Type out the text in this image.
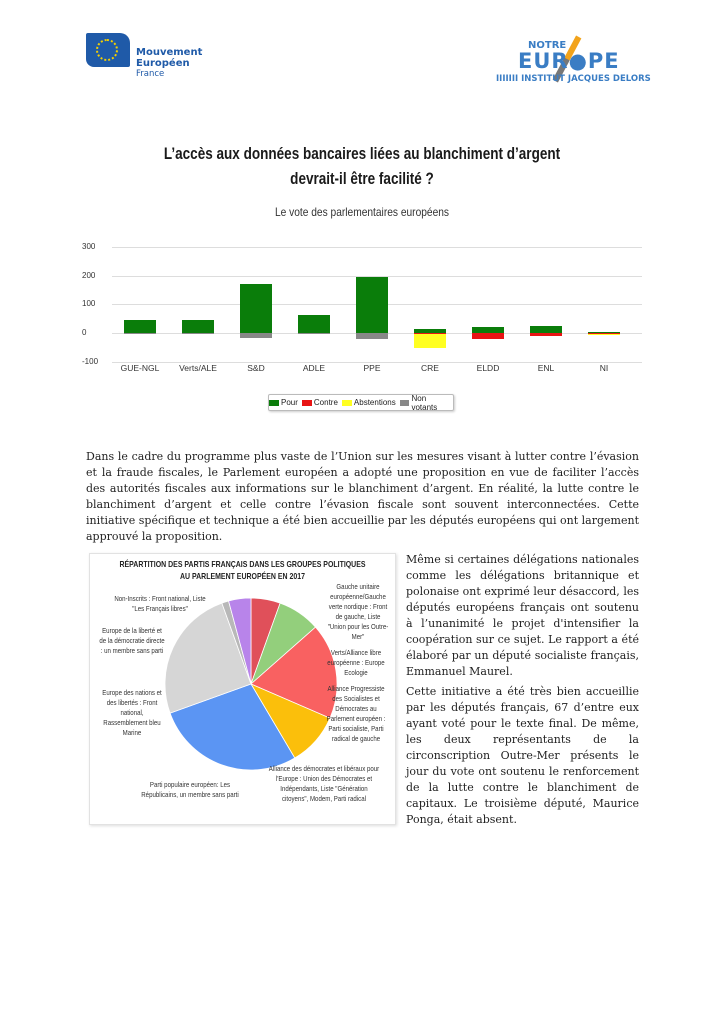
Mouvement
Européen
France
NOTRE
EUR●PE
IIIIIII INSTITUT JACQUES DELORS
L’accès aux données bancaires liées au blanchiment d’argent devrait-il être facilité ?
Le vote des parlementaires européens
300
200
100
0
-100
GUE-NGL	Verts/ALE	S&D	ADLE	PPE	CRE	ELDD	ENL	NI
Pour Contre Abstentions Non votants

Dans le cadre du programme plus vaste de l’Union sur les mesures visant à lutter contre l’évasion et la fraude fiscales, le Parlement européen a adopté une proposition en vue de faciliter l’accès des autorités fiscales aux informations sur le blanchiment d’argent. En réalité, la lutte contre le blanchiment d’argent et celle contre l’évasion fiscale sont souvent interconnectées. Cette initiative spécifique et technique a été bien accueillie par les députés européens qui ont largement approuvé la proposition.

RÉPARTITION DES PARTIS FRANÇAIS DANS LES GROUPES POLITIQUES AU PARLEMENT EUROPÉEN EN 2017
Non-Inscrits : Front national, Liste "Les Français libres"
Europe de la liberté et de la démocratie directe : un membre sans parti
Europe des nations et des libertés : Front national, Rassemblement bleu Marine
Parti populaire européen: Les Républicains, un membre sans parti
Gauche unitaire européenne/Gauche verte nordique : Front de gauche, Liste "Union pour les Outre-Mer"
Verts/Alliance libre européenne : Europe Ecologie
Alliance Progressiste des Socialistes et Démocrates au Parlement européen : Parti socialiste, Parti radical de gauche
Alliance des démocrates et libéraux pour l'Europe : Union des Démocrates et Indépendants, Liste "Génération citoyens", Modem, Parti radical

Même si certaines délégations nationales comme les délégations britannique et polonaise ont exprimé leur désaccord, les députés européens français ont soutenu à l’unanimité le projet d'intensifier la coopération sur ce sujet. Le rapport a été élaboré par un député socialiste français, Emmanuel Maurel.

Cette initiative a été très bien accueillie par les députés français, 67 d’entre eux ayant voté pour le texte final. De même, les deux représentants de la circonscription Outre-Mer présents le jour du vote ont soutenu le renforcement de la lutte contre le blanchiment de capitaux. Le troisième député, Maurice Ponga, était absent.
